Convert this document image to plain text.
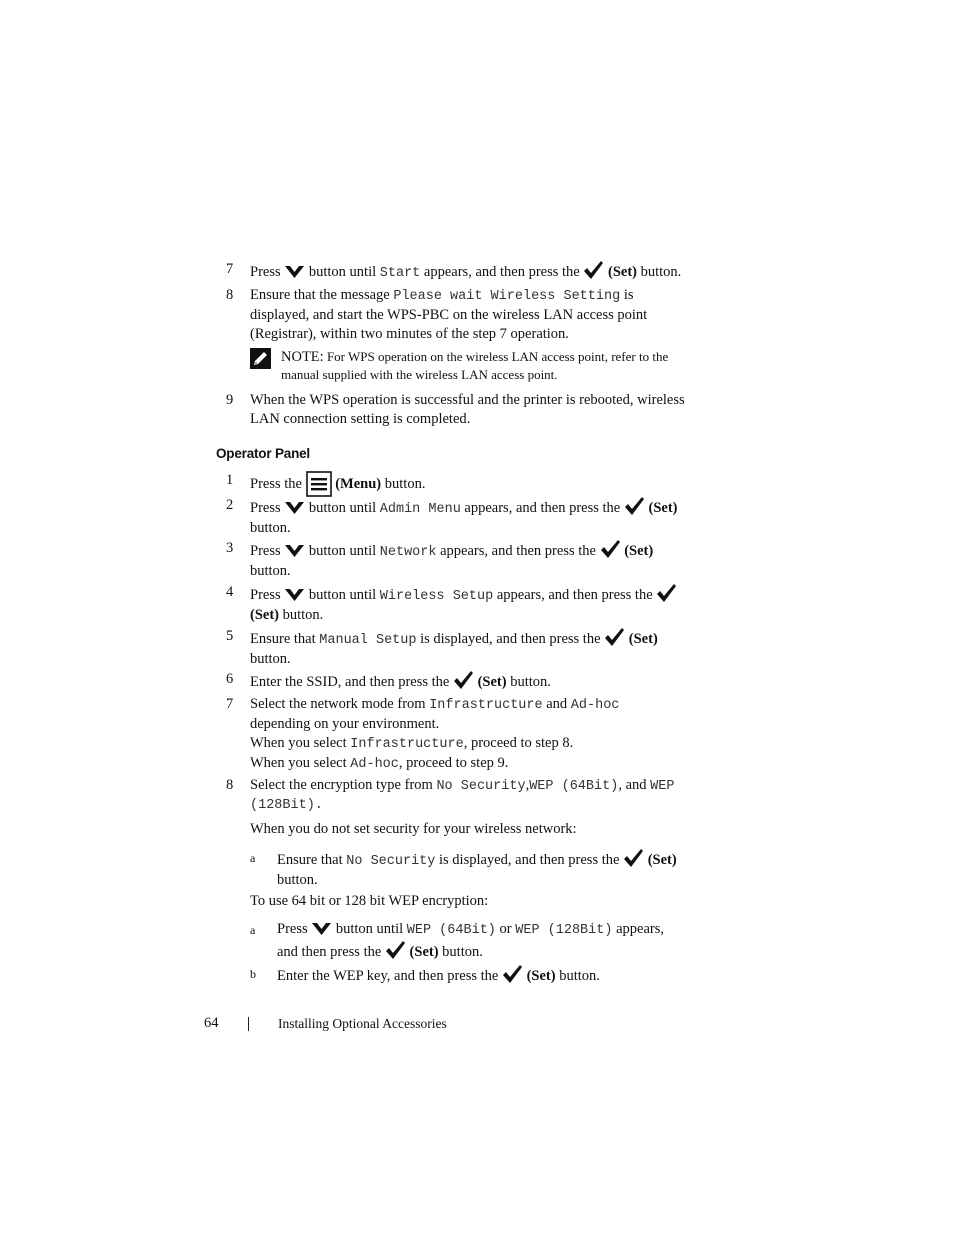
7	Press button until Start appears, and then press the (Set) button.
8	Ensure that the message Please wait Wireless Setting is
displayed, and start the WPS-PBC on the wireless LAN access point
(Registrar), within two minutes of the step 7 operation.
NOTE: For WPS operation on the wireless LAN access point, refer to the
manual supplied with the wireless LAN access point.
9	When the WPS operation is successful and the printer is rebooted, wireless
LAN connection setting is completed.
Operator Panel
1	Press the (Menu) button.
2	Press button until Admin Menu appears, and then press the (Set)
button.
3	Press button until Network appears, and then press the (Set)
button.
4	Press button until Wireless Setup appears, and then press the
(Set) button.
5	Ensure that Manual Setup is displayed, and then press the (Set)
button.
6	Enter the SSID, and then press the (Set) button.
7	Select the network mode from Infrastructure and Ad-hoc
depending on your environment.
When you select Infrastructure, proceed to step 8.
When you select Ad-hoc, proceed to step 9.
8	Select the encryption type from No Security,WEP (64Bit), and WEP
(128Bit).
When you do not set security for your wireless network:
a Ensure that No Security is displayed, and then press the (Set)
button.
To use 64 bit or 128 bit WEP encryption:
a Press button until WEP (64Bit) or WEP (128Bit) appears,
and then press the (Set) button.
b Enter the WEP key, and then press the (Set) button.
64	Installing Optional Accessories
